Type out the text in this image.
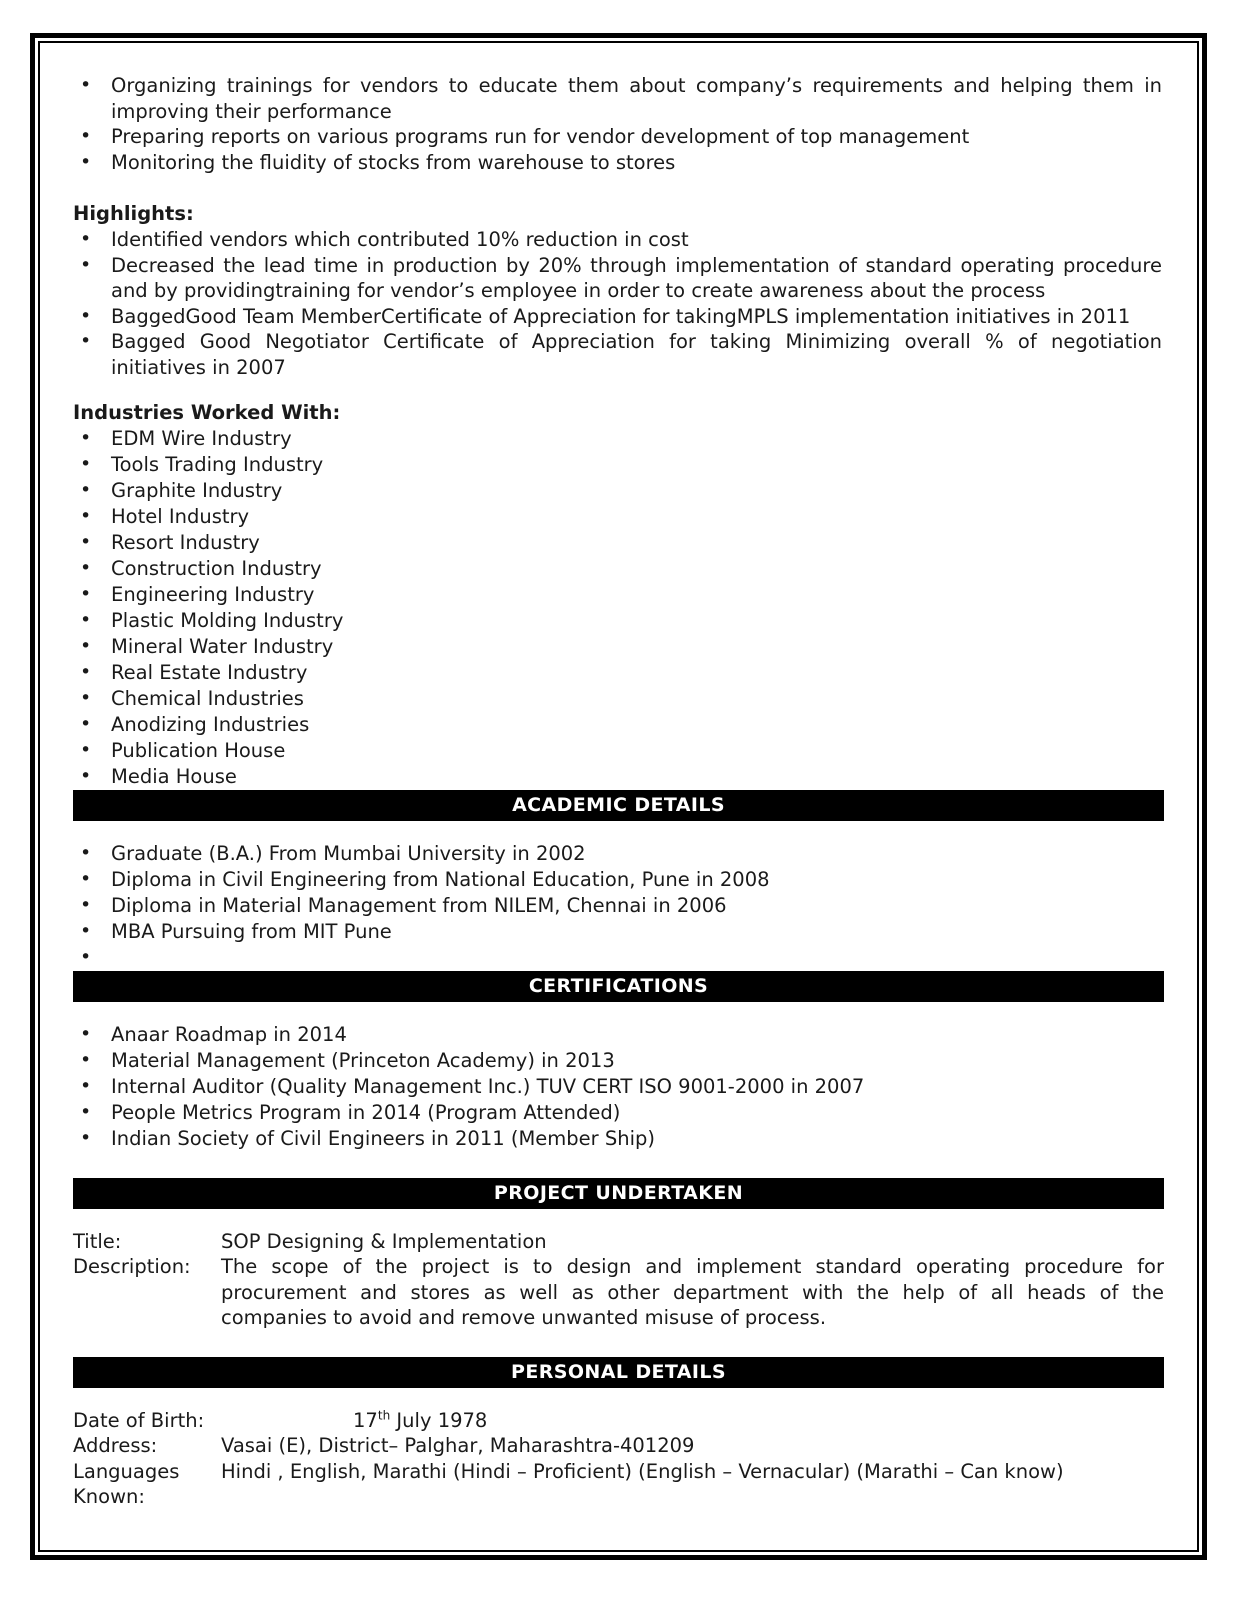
• Organizing trainings for vendors to educate them about company’s requirements and helping them in improving their performance
• Preparing reports on various programs run for vendor development of top management
• Monitoring the fluidity of stocks from warehouse to stores
Highlights:
• Identified vendors which contributed 10% reduction in cost
• Decreased the lead time in production by 20% through implementation of standard operating procedure and by providingtraining for vendor’s employee in order to create awareness about the process
• BaggedGood Team MemberCertificate of Appreciation for takingMPLS implementation initiatives in 2011
• Bagged Good Negotiator Certificate of Appreciation for taking Minimizing overall % of negotiation initiatives in 2007
Industries Worked With:
• EDM Wire Industry
• Tools Trading Industry
• Graphite Industry
• Hotel Industry
• Resort Industry
• Construction Industry
• Engineering Industry
• Plastic Molding Industry
• Mineral Water Industry
• Real Estate Industry
• Chemical Industries
• Anodizing Industries
• Publication House
• Media House
ACADEMIC DETAILS
• Graduate (B.A.) From Mumbai University in 2002
• Diploma in Civil Engineering from National Education, Pune in 2008
• Diploma in Material Management from NILEM, Chennai in 2006
• MBA Pursuing from MIT Pune
•
CERTIFICATIONS
• Anaar Roadmap in 2014
• Material Management (Princeton Academy) in 2013
• Internal Auditor (Quality Management Inc.) TUV CERT ISO 9001-2000 in 2007
• People Metrics Program in 2014 (Program Attended)
• Indian Society of Civil Engineers in 2011 (Member Ship)
PROJECT UNDERTAKEN
Title:	SOP Designing & Implementation
Description:	The scope of the project is to design and implement standard operating procedure for procurement and stores as well as other department with the help of all heads of the companies to avoid and remove unwanted misuse of process.
PERSONAL DETAILS
Date of Birth:	17th July 1978
Address:	Vasai (E), District– Palghar, Maharashtra-401209
Languages Known:
Hindi , English, Marathi (Hindi – Proficient) (English – Vernacular) (Marathi – Can know)
